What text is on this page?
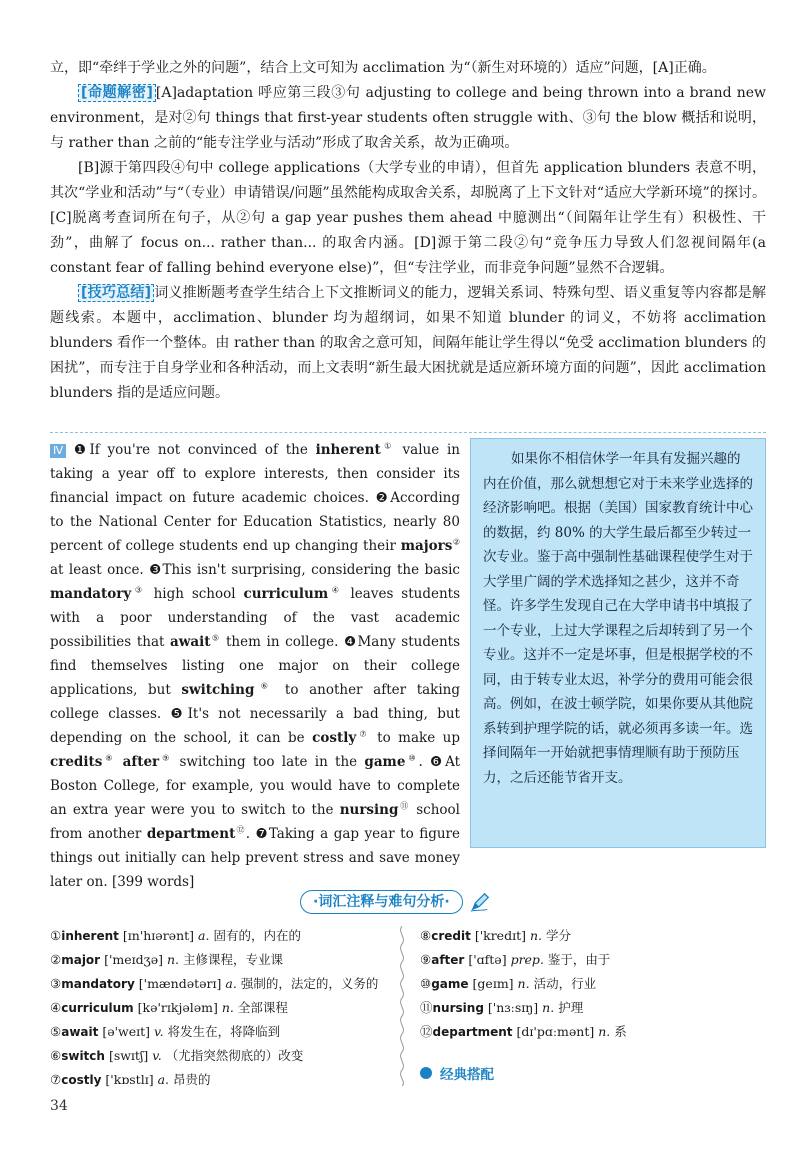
立，即“牵绊于学业之外的问题”，结合上文可知为 acclimation 为“（新生对环境的）适应”问题，[A]正确。

[命题解密] [A]adaptation 呼应第三段③句 adjusting to college and being thrown into a brand new environment，是对②句 things that first-year students often struggle with、③句 the blow 概括和说明，与 rather than 之前的“能专注学业与活动”形成了取舍关系，故为正确项。

[B]源于第四段④句中 college applications（大学专业的申请），但首先 application blunders 表意不明，其次“学业和活动”与“（专业）申请错误/问题”虽然能构成取舍关系，却脱离了上下文针对“适应大学新环境”的探讨。[C]脱离考查词所在句子，从②句 a gap year pushes them ahead 中臆测出“（间隔年让学生有）积极性、干劲”，曲解了 focus on... rather than... 的取舍内涵。[D]源于第二段②句“竞争压力导致人们忽视间隔年(a constant fear of falling behind everyone else)”，但“专注学业，而非竞争问题”显然不合逻辑。

[技巧总结] 词义推断题考查学生结合上下文推断词义的能力，逻辑关系词、特殊句型、语义重复等内容都是解题线索。本题中，acclimation、blunder 均为超纲词，如果不知道 blunder 的词义，不妨将 acclimation blunders 看作一个整体。由 rather than 的取舍之意可知，间隔年能让学生得以“免受 acclimation blunders 的困扰”，而专注于自身学业和各种活动，而上文表明“新生最大困扰就是适应新环境方面的问题”，因此 acclimation blunders 指的是适应问题。

Ⅳ ❶If you're not convinced of the inherent① value in taking a year off to explore interests, then consider its financial impact on future academic choices. ❷According to the National Center for Education Statistics, nearly 80 percent of college students end up changing their majors② at least once. ❸This isn't surprising, considering the basic mandatory③ high school curriculum④ leaves students with a poor understanding of the vast academic possibilities that await⑤ them in college. ❹Many students find themselves listing one major on their college applications, but switching⑥ to another after taking college classes. ❺It's not necessarily a bad thing, but depending on the school, it can be costly⑦ to make up credits⑧ after⑨ switching too late in the game⑩. ❻At Boston College, for example, you would have to complete an extra year were you to switch to the nursing⑪ school from another department⑫. ❼Taking a gap year to figure things out initially can help prevent stress and save money later on. [399 words]
如果你不相信休学一年具有发掘兴趣的内在价值，那么就想想它对于未来学业选择的经济影响吧。根据（美国）国家教育统计中心的数据，约 80% 的大学生最后都至少转过一次专业。鉴于高中强制性基础课程使学生对于大学里广阔的学术选择知之甚少，这并不奇怪。许多学生发现自己在大学申请书中填报了一个专业，上过大学课程之后却转到了另一个专业。这并不一定是坏事，但是根据学校的不同，由于转专业太迟，补学分的费用可能会很高。例如，在波士顿学院，如果你要从其他院系转到护理学院的话，就必须再多读一年。选择间隔年一开始就把事情理顺有助于预防压力，之后还能节省开支。
·词汇注释与难句分析·
①inherent [ɪn'hɪərənt] a. 固有的，内在的
②major ['meɪdʒə] n. 主修课程，专业课
③mandatory ['mændətərɪ] a. 强制的，法定的，义务的
④curriculum [kə'rɪkjələm] n. 全部课程
⑤await [ə'weɪt] v. 将发生在，将降临到
⑥switch [swɪtʃ] v. （尤指突然彻底的）改变
⑦costly ['kɒstlɪ] a. 昂贵的
⑧credit ['kredɪt] n. 学分
⑨after ['ɑftə] prep. 鉴于，由于
⑩game [geɪm] n. 活动，行业
⑪nursing ['nɜːsɪŋ] n. 护理
⑫department [dɪ'pɑːmənt] n. 系
经典搭配
34
